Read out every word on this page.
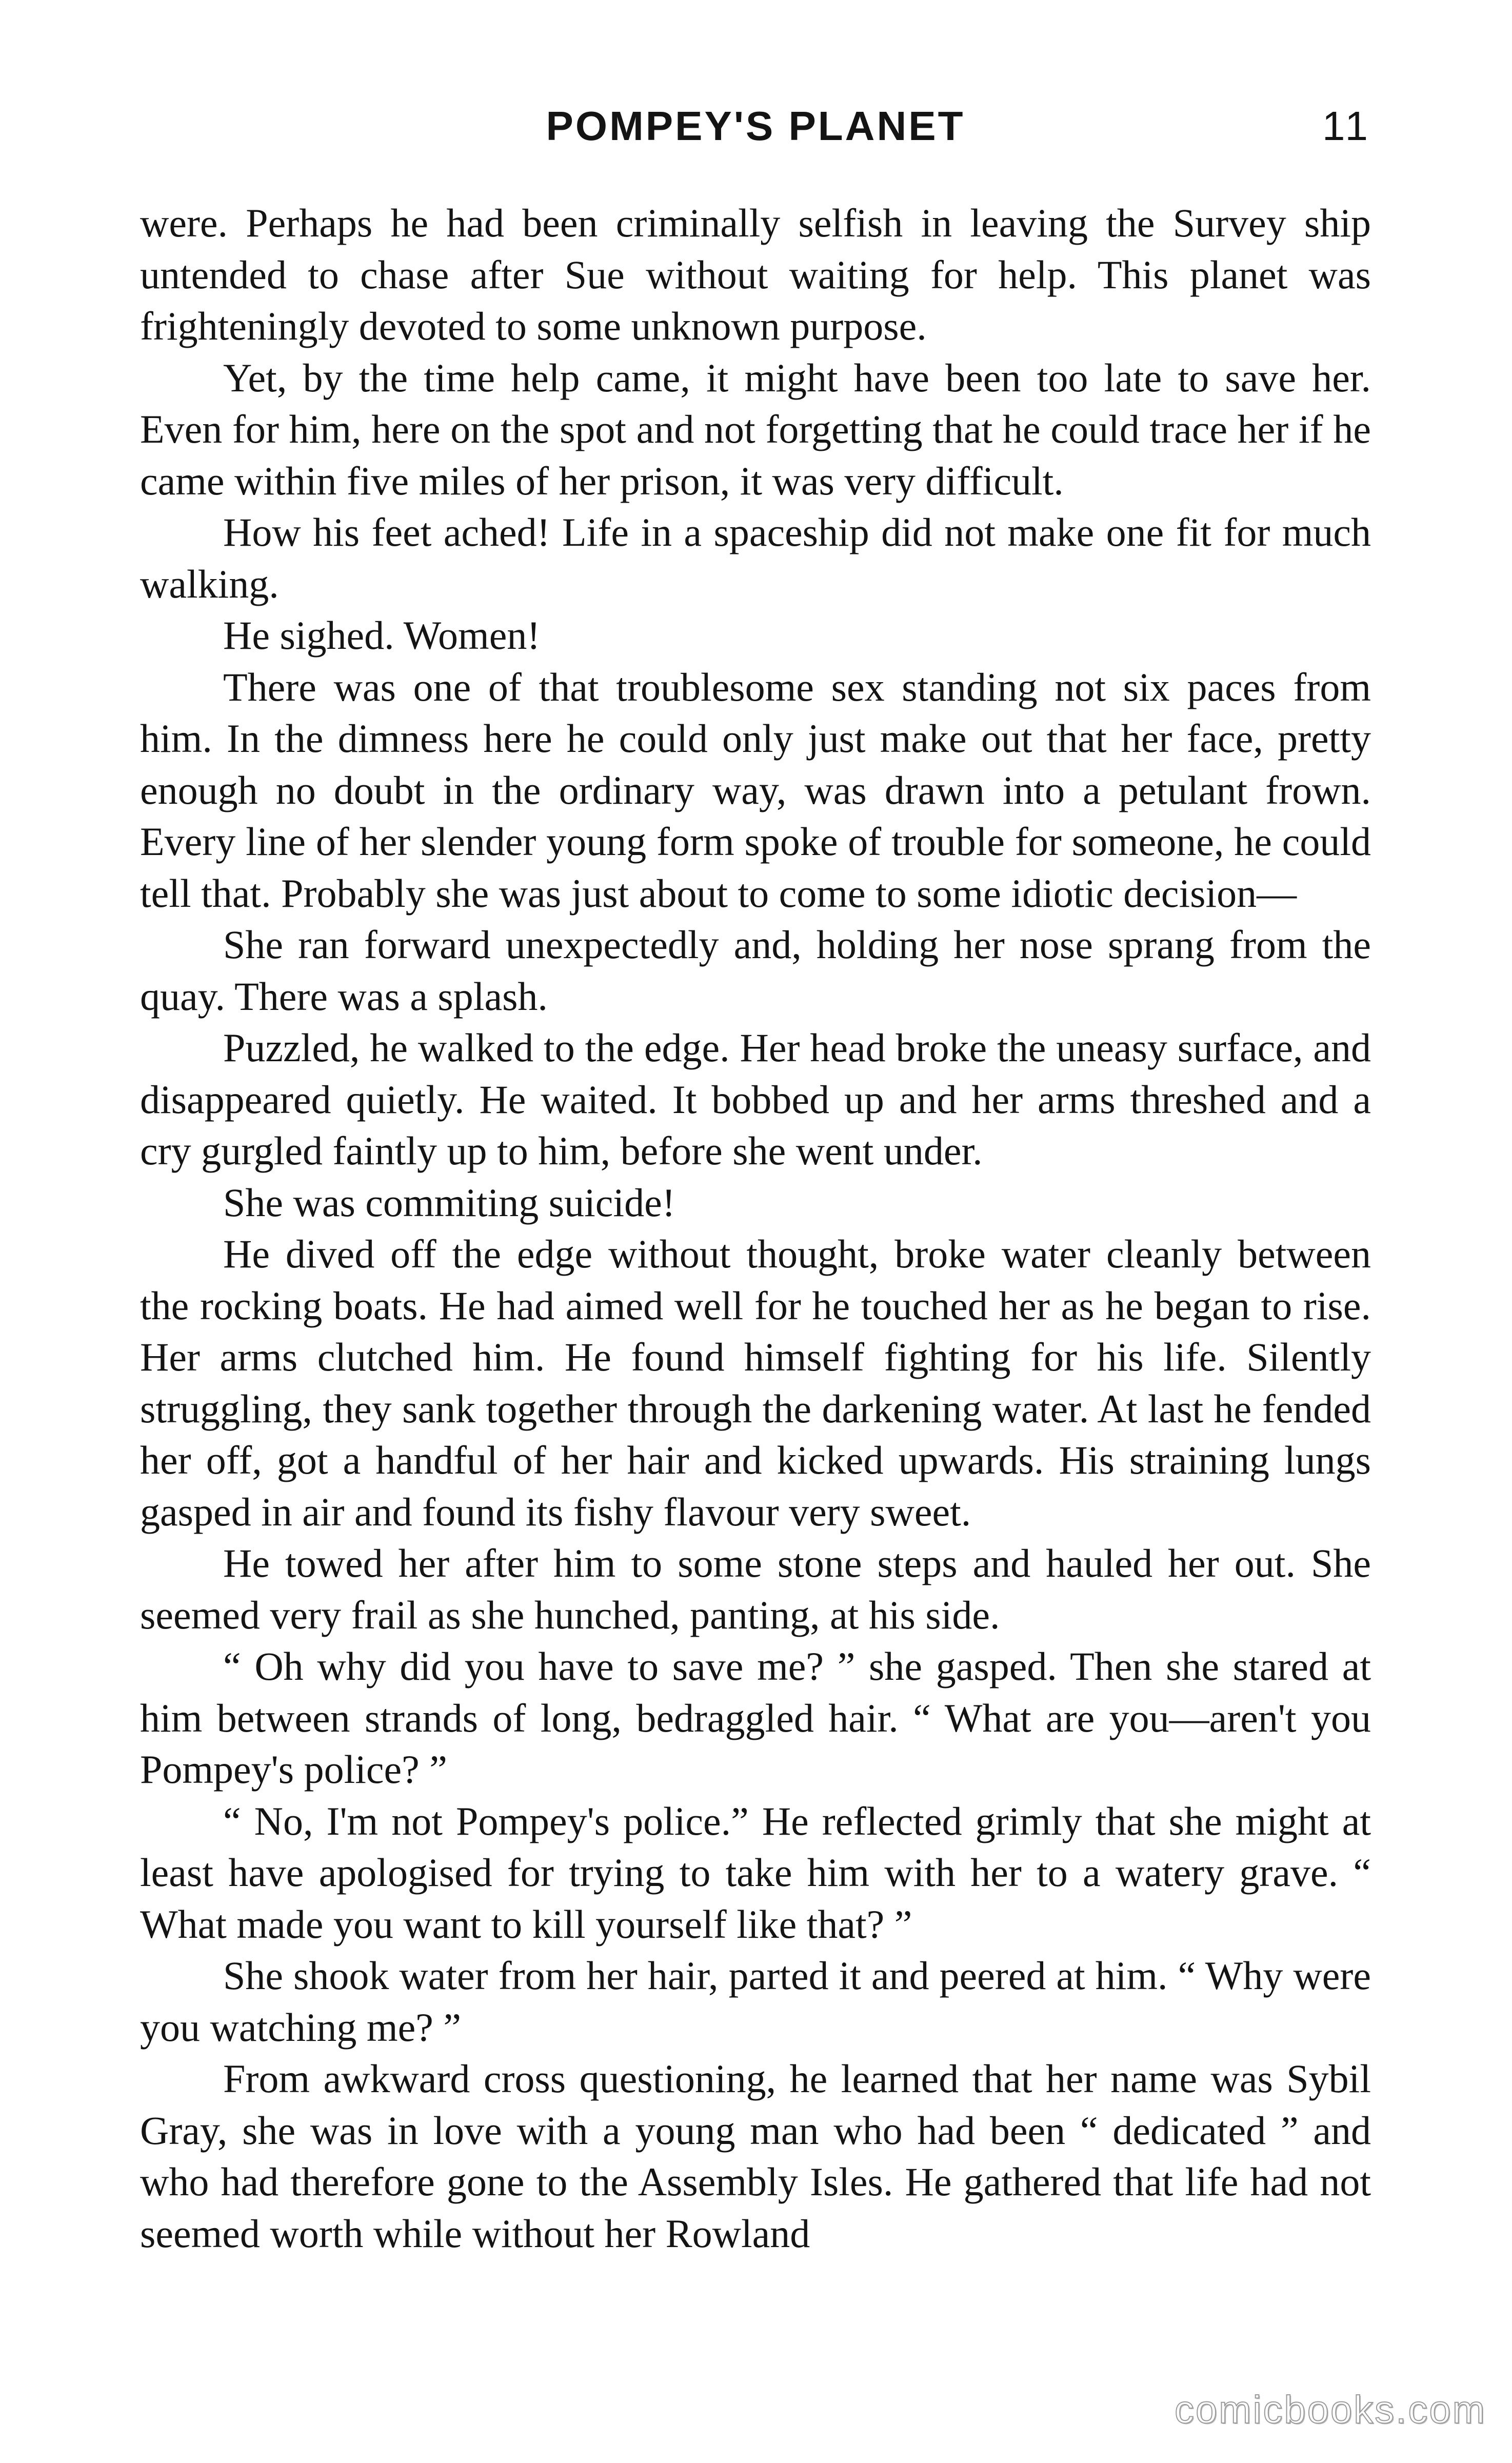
POMPEY'S PLANET	11

were. Perhaps he had been criminally selfish in leaving the Survey ship untended to chase after Sue without waiting for help. This planet was frighteningly devoted to some unknown purpose.

Yet, by the time help came, it might have been too late to save her. Even for him, here on the spot and not forgetting that he could trace her if he came within five miles of her prison, it was very difficult.

How his feet ached! Life in a spaceship did not make one fit for much walking.

He sighed. Women!

There was one of that troublesome sex standing not six paces from him. In the dimness here he could only just make out that her face, pretty enough no doubt in the ordinary way, was drawn into a petulant frown. Every line of her slender young form spoke of trouble for someone, he could tell that. Probably she was just about to come to some idiotic decision—

She ran forward unexpectedly and, holding her nose sprang from the quay. There was a splash.

Puzzled, he walked to the edge. Her head broke the uneasy surface, and disappeared quietly. He waited. It bobbed up and her arms threshed and a cry gurgled faintly up to him, before she went under.

She was commiting suicide!

He dived off the edge without thought, broke water cleanly between the rocking boats. He had aimed well for he touched her as he began to rise. Her arms clutched him. He found himself fighting for his life. Silently struggling, they sank together through the darkening water. At last he fended her off, got a handful of her hair and kicked upwards. His straining lungs gasped in air and found its fishy flavour very sweet.

He towed her after him to some stone steps and hauled her out. She seemed very frail as she hunched, panting, at his side.

“ Oh why did you have to save me? ” she gasped. Then she stared at him between strands of long, bedraggled hair. “ What are you—aren't you Pompey's police? ”

“ No, I'm not Pompey's police.” He reflected grimly that she might at least have apologised for trying to take him with her to a watery grave. “ What made you want to kill yourself like that? ”

She shook water from her hair, parted it and peered at him. “ Why were you watching me? ”

From awkward cross questioning, he learned that her name was Sybil Gray, she was in love with a young man who had been “ dedicated ” and who had therefore gone to the Assembly Isles. He gathered that life had not seemed worth while without her Rowland

comicbooks.com
